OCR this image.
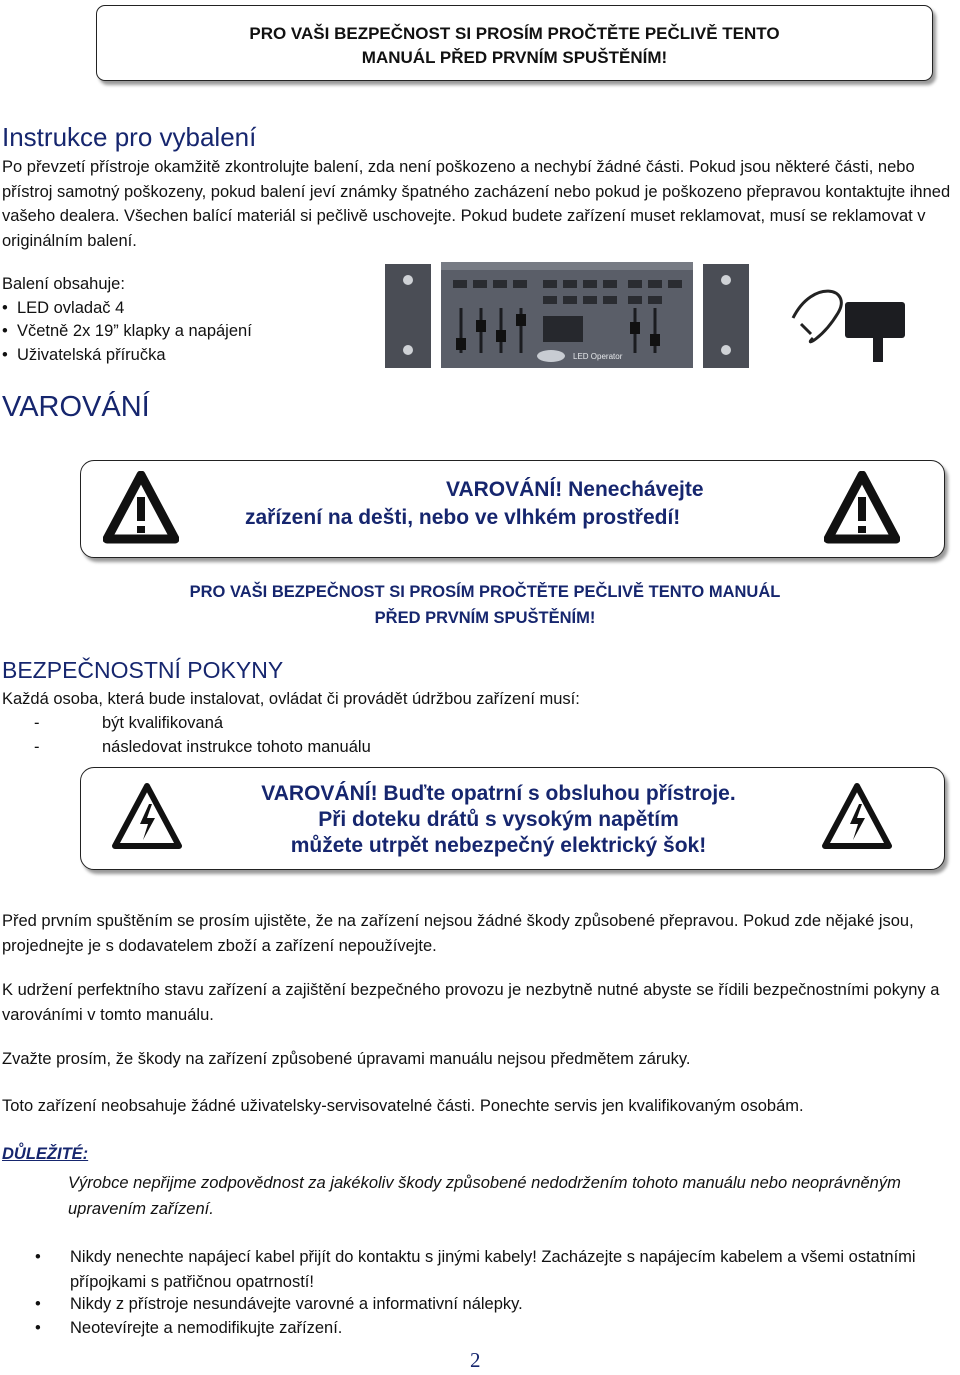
PRO VAŠI BEZPEČNOST SI PROSÍM PROČTĚTE PEČLIVĚ TENTO
MANUÁL PŘED PRVNÍM SPUŠTĚNÍM!
Instrukce pro vybalení

Po převzetí přístroje okamžitě zkontrolujte balení, zda není poškozeno a nechybí žádné části. Pokud jsou některé části, nebo přístroj samotný poškozeny, pokud balení jeví známky špatného zacházení nebo pokud je poškozeno přepravou kontaktujte ihned vašeho dealera. Všechen balící materiál si pečlivě uschovejte. Pokud budete zařízení muset reklamovat, musí se reklamovat v originálním balení.

Balení obsahuje:
•  LED ovladač 4
•  Včetně 2x 19” klapky a napájení
•  Uživatelská příručka	LED Operator
VAROVÁNÍ
VAROVÁNÍ! Nenechávejte
zařízení na dešti, nebo ve vlhkém prostředí!
PRO VAŠI BEZPEČNOST SI PROSÍM PROČTĚTE PEČLIVĚ TENTO MANUÁL
PŘED PRVNÍM SPUŠTĚNÍM!
BEZPEČNOSTNÍ POKYNY
Každá osoba, která bude instalovat, ovládat či provádět údržbou zařízení musí:
-	být kvalifikovaná
-	následovat instrukce tohoto manuálu
VAROVÁNÍ! Buďte opatrní s obsluhou přístroje.
Při doteku drátů s vysokým napětím
můžete utrpět nebezpečný elektrický šok!

Před prvním spuštěním se prosím ujistěte, že na zařízení nejsou žádné škody způsobené přepravou. Pokud zde nějaké jsou, projednejte je s dodavatelem zboží a zařízení nepoužívejte.

K udržení perfektního stavu zařízení a zajištění bezpečného provozu je nezbytně nutné abyste se řídili bezpečnostními pokyny a varováními v tomto manuálu.

Zvažte prosím, že škody na zařízení způsobené úpravami manuálu nejsou předmětem záruky.

Toto zařízení neobsahuje žádné uživatelsky-servisovatelné části. Ponechte servis jen kvalifikovaným osobám.

DŮLEŽITÉ:
Výrobce nepřijme zodpovědnost za jakékoliv škody způsobené nedodržením tohoto manuálu nebo neoprávněným upravením zařízení.
• Nikdy nenechte napájecí kabel přijít do kontaktu s jinými kabely! Zacházejte s napájecím kabelem a všemi ostatními přípojkami s patřičnou opatrností!
• Nikdy z přístroje nesundávejte varovné a informativní nálepky.
• Neotevírejte a nemodifikujte zařízení.
2
